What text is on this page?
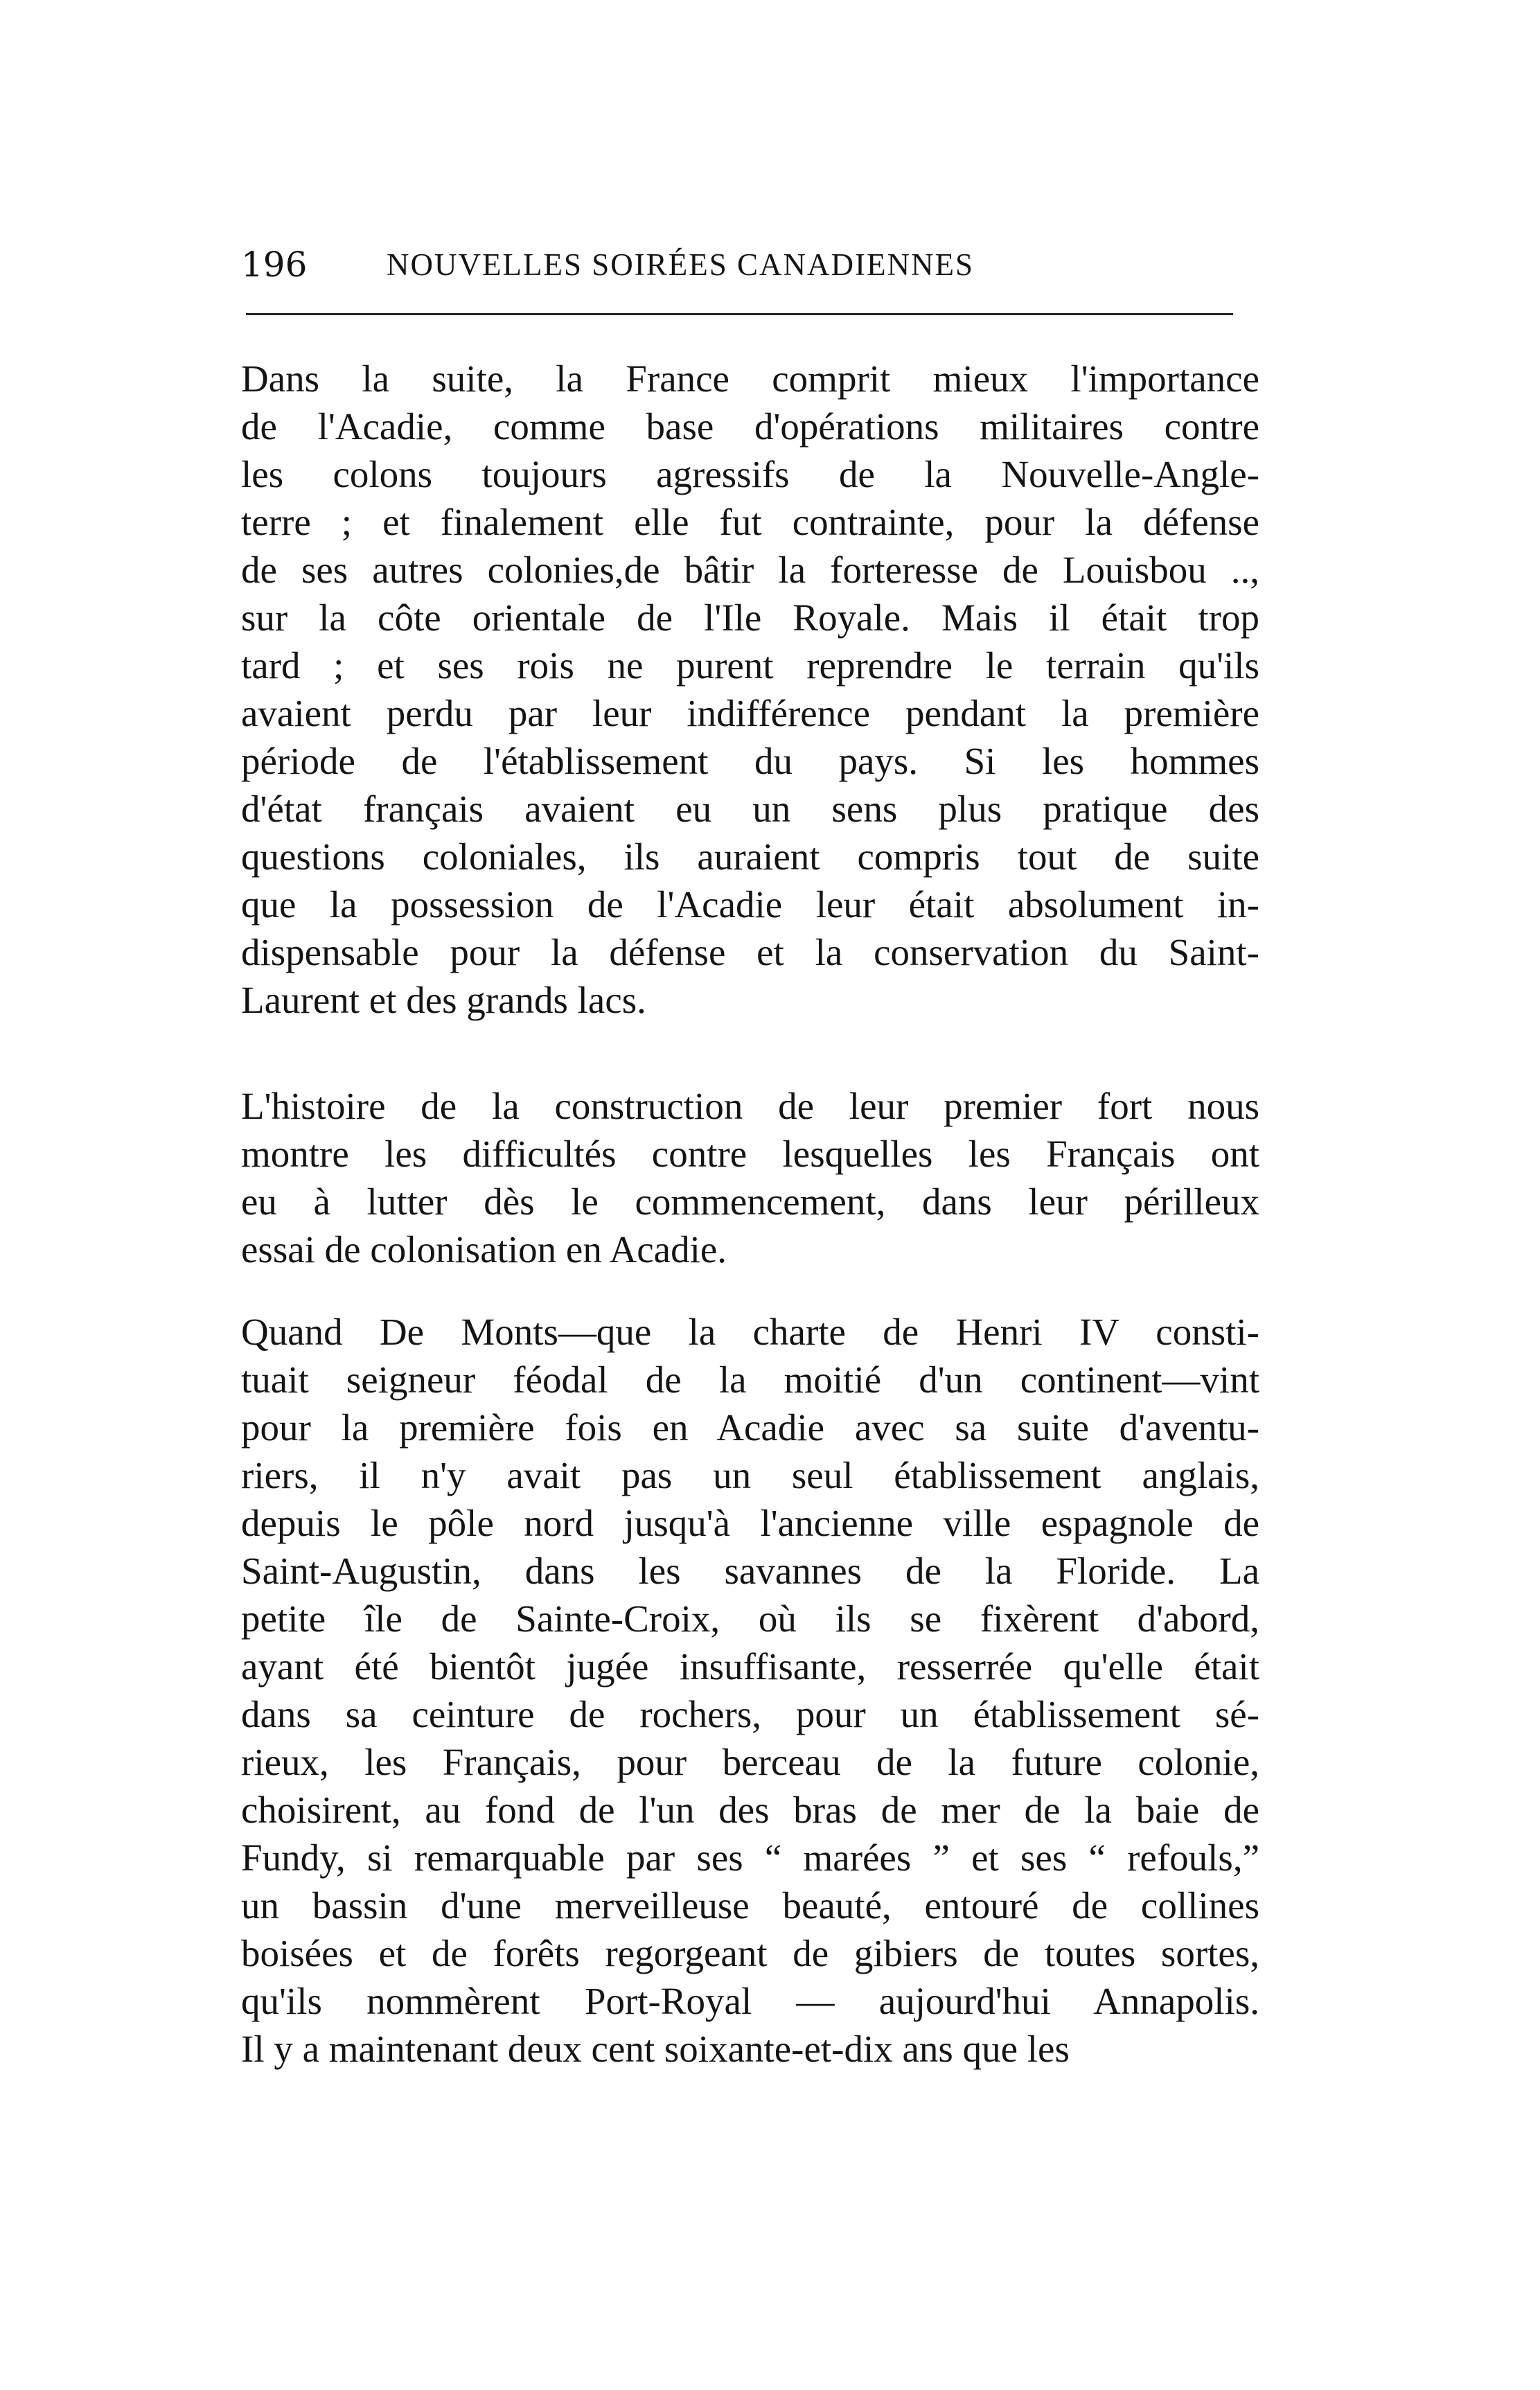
196	NOUVELLES SOIRÉES CANADIENNES
Dans la suite, la France comprit mieux l'importance
de l'Acadie, comme base d'opérations militaires contre
les colons toujours agressifs de la Nouvelle-Angle-
terre ; et finalement elle fut contrainte, pour la défense
de ses autres colonies,de bâtir la forteresse de Louisbou ..,
sur la côte orientale de l'Ile Royale. Mais il était trop
tard ; et ses rois ne purent reprendre le terrain qu'ils
avaient perdu par leur indifférence pendant la première
période de l'établissement du pays. Si les hommes
d'état français avaient eu un sens plus pratique des
questions coloniales, ils auraient compris tout de suite
que la possession de l'Acadie leur était absolument in-
dispensable pour la défense et la conservation du Saint-
Laurent et des grands lacs.
L'histoire de la construction de leur premier fort nous
montre les difficultés contre lesquelles les Français ont
eu à lutter dès le commencement, dans leur périlleux
essai de colonisation en Acadie.
Quand De Monts—que la charte de Henri IV consti-
tuait seigneur féodal de la moitié d'un continent—vint
pour la première fois en Acadie avec sa suite d'aventu-
riers, il n'y avait pas un seul établissement anglais,
depuis le pôle nord jusqu'à l'ancienne ville espagnole de
Saint-Augustin, dans les savannes de la Floride. La
petite île de Sainte-Croix, où ils se fixèrent d'abord,
ayant été bientôt jugée insuffisante, resserrée qu'elle était
dans sa ceinture de rochers, pour un établissement sé-
rieux, les Français, pour berceau de la future colonie,
choisirent, au fond de l'un des bras de mer de la baie de
Fundy, si remarquable par ses “ marées ” et ses “ refouls,”
un bassin d'une merveilleuse beauté, entouré de collines
boisées et de forêts regorgeant de gibiers de toutes sortes,
qu'ils nommèrent Port-Royal — aujourd'hui Annapolis.
Il y a maintenant deux cent soixante-et-dix ans que les
